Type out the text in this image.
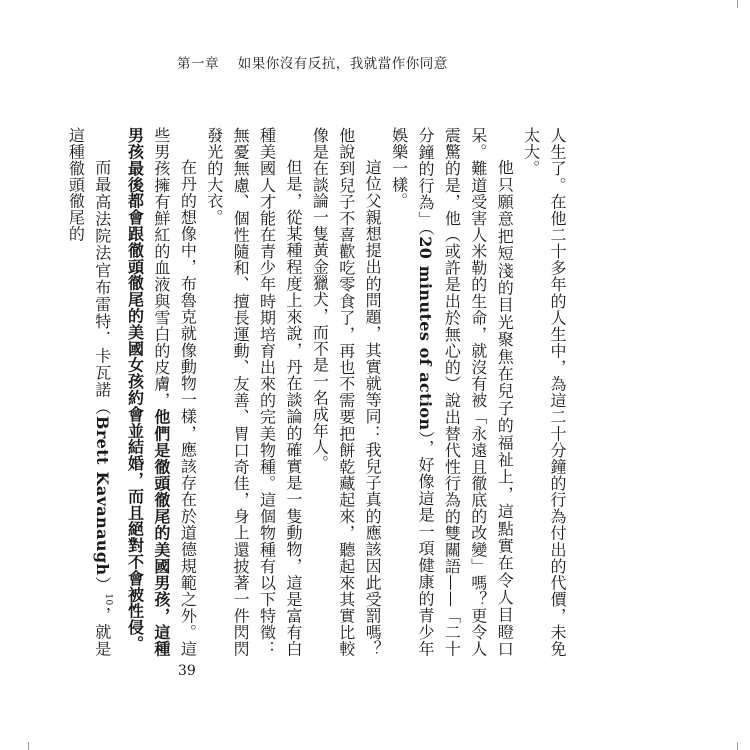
第一章 如果你沒有反抗，我就當作你同意

人生了。在他二十多年的人生中，為這二十分鐘的行為付出的代價，未免太大。

他只願意把短淺的目光聚焦在兒子的福祉上，這點實在令人目瞪口呆。難道受害人米勒的生命，就沒有被「永遠且徹底的改變」嗎？更令人震驚的是，他（或許是出於無心的）說出替代性行為的雙關語——「二十分鐘的行為」（20 minutes of action），好像這是一項健康的青少年娛樂一樣。

這位父親想提出的問題，其實就等同：我兒子真的應該因此受罰嗎？他說到兒子不喜歡吃零食了，再也不需要把餅乾藏起來，聽起來其實比較像是在談論一隻黃金獵犬，而不是一名成年人。

但是，從某種程度上來說，丹在談論的確實是一隻動物，這是富有白種美國人才能在青少年時期培育出來的完美物種。這個物種有以下特徵：無憂無慮、個性隨和、擅長運動、友善、胃口奇佳，身上還披著一件閃閃發光的大衣。

在丹的想像中，布魯克就像動物一樣，應該存在於道德規範之外。這些男孩擁有鮮紅的血液與雪白的皮膚，他們是徹頭徹尾的美國男孩，這種男孩最後都會跟徹頭徹尾的美國女孩約會並結婚，而且絕對不會被性侵。

而最高法院法官布雷特．卡瓦諾（Brett Kavanaugh）$^{10}$，就是這種徹頭徹尾的

39
